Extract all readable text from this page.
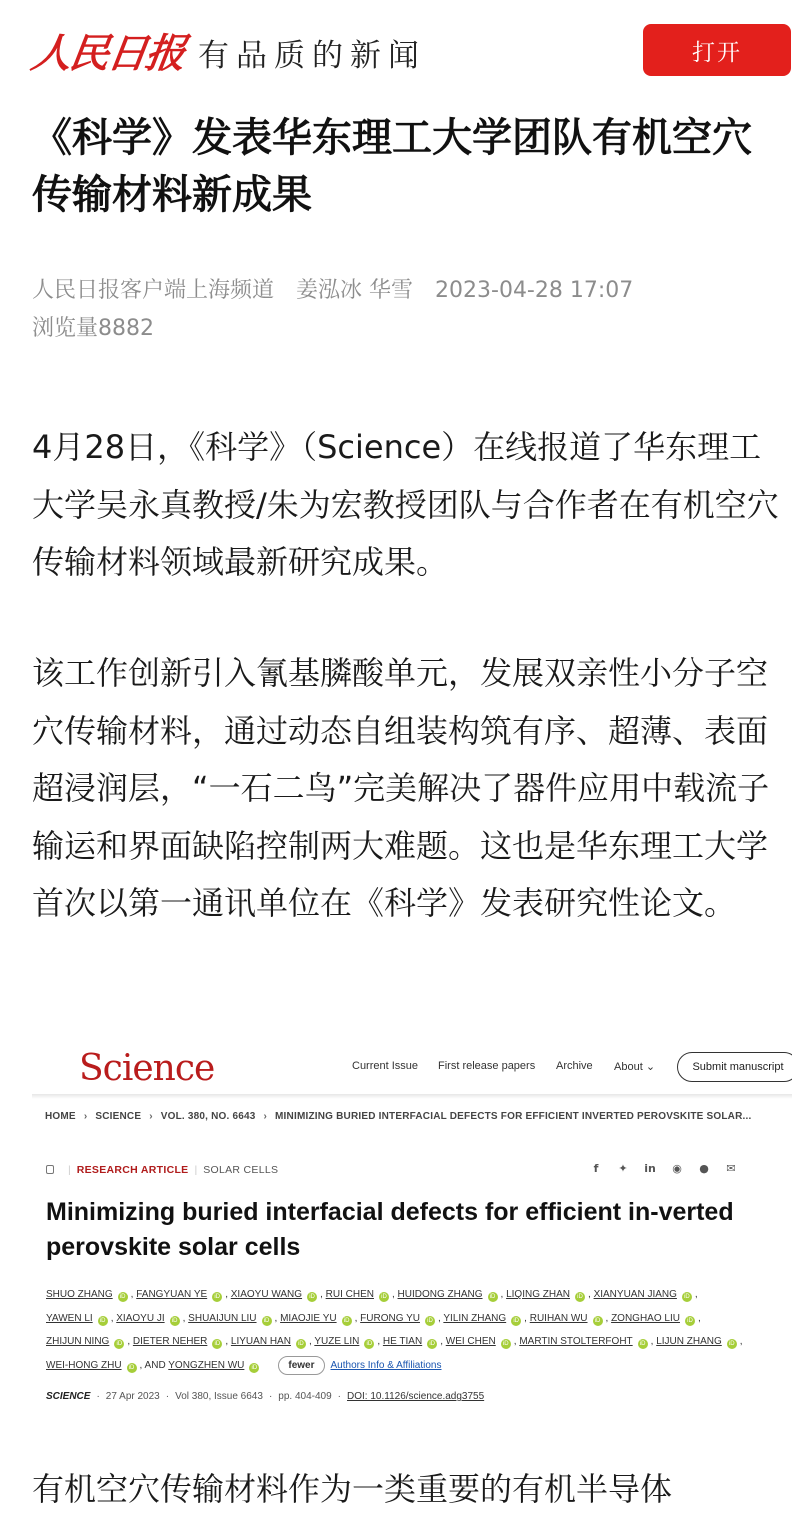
人民日报 有品质的新闻	打开
《科学》发表华东理工大学团队有机空穴传输材料新成果
人民日报客户端上海频道 姜泓冰 华雪 2023-04-28 17:07
浏览量8882

4月28日，《科学》（Science）在线报道了华东理工大学吴永真教授/朱为宏教授团队与合作者在有机空穴传输材料领域最新研究成果。

该工作创新引入氰基膦酸单元，发展双亲性小分子空穴传输材料，通过动态自组装构筑有序、超薄、表面超浸润层，“一石二鸟”完美解决了器件应用中载流子输运和界面缺陷控制两大难题。这也是华东理工大学首次以第一通讯单位在《科学》发表研究性论文。

Science	Current Issue First release papers Archive About ⌄	Submit manuscript
HOME › SCIENCE › VOL. 380, NO. 6643 › MINIMIZING BURIED INTERFACIAL DEFECTS FOR EFFICIENT INVERTED PEROVSKITE SOLAR...
| RESEARCH ARTICLE | SOLAR CELLS	f	✦	in ◉ ●	✉
Minimizing buried interfacial defects for efficient in-verted perovskite solar cells
SHUO ZHANG iD , FANGYUAN YE iD , XIAOYU WANG iD , RUI CHEN iD , HUIDONG ZHANG iD , LIQING ZHAN iD , XIANYUAN JIANG iD , YAWEN LI iD , XIAOYU JI iD , SHUAIJUN LIU iD , MIAOJIE YU iD , FURONG YU iD , YILIN ZHANG iD , RUIHAN WU iD , ZONGHAO LIU iD , ZHIJUN NING iD , DIETER NEHER iD , LIYUAN HAN iD , YUZE LIN iD , HE TIAN iD , WEI CHEN iD , MARTIN STOLTERFOHT iD , LIJUN ZHANG iD , WEI-HONG ZHU iD , AND YONGZHEN WU iD	fewer Authors Info & Affiliations
SCIENCE · 27 Apr 2023 · Vol 380, Issue 6643 · pp. 404-409 · DOI: 10.1126/science.adg3755

有机空穴传输材料作为一类重要的有机半导体
